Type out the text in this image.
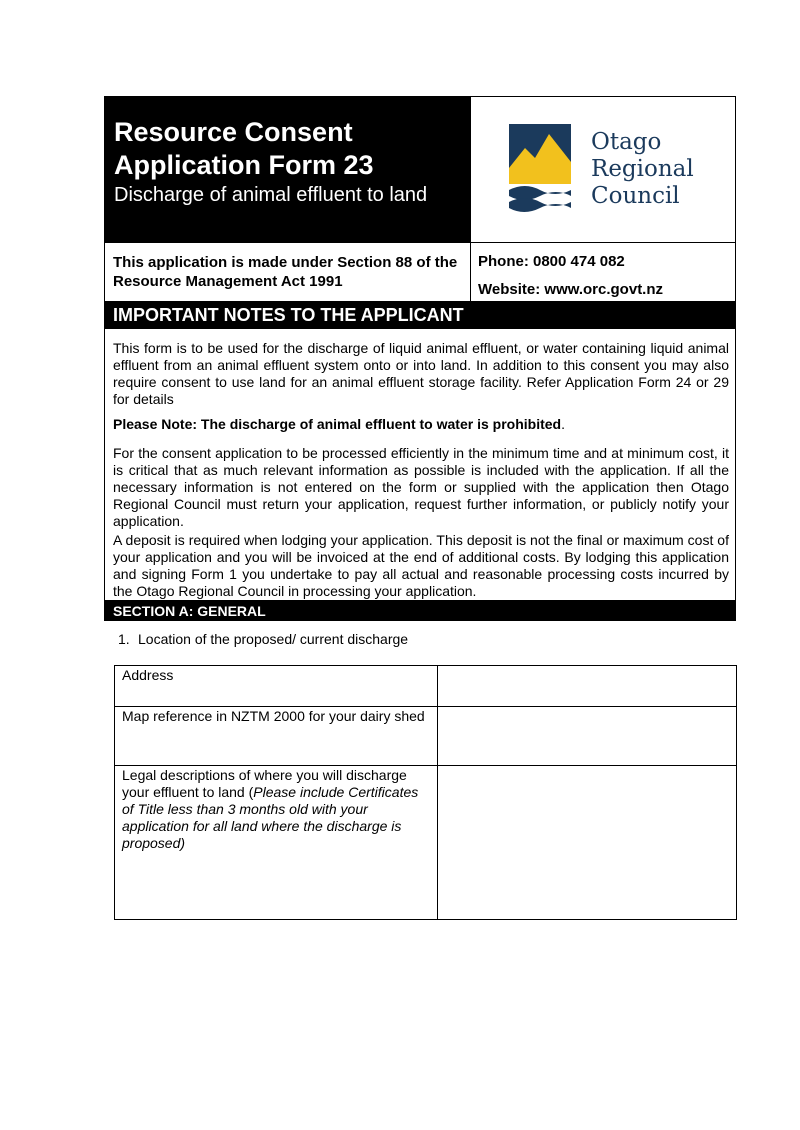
Resource Consent
Application Form 23
Discharge of animal effluent to land
Otago
Regional
Council
This application is made under Section 88 of the Resource Management Act 1991
Phone: 0800 474 082
Website: www.orc.govt.nz
IMPORTANT NOTES TO THE APPLICANT
This form is to be used for the discharge of liquid animal effluent, or water containing liquid animal effluent from an animal effluent system onto or into land. In addition to this consent you may also require consent to use land for an animal effluent storage facility. Refer Application Form 24 or 29 for details
Please Note: The discharge of animal effluent to water is prohibited.
For the consent application to be processed efficiently in the minimum time and at minimum cost, it is critical that as much relevant information as possible is included with the application. If all the necessary information is not entered on the form or supplied with the application then Otago Regional Council must return your application, request further information, or publicly notify your application.
A deposit is required when lodging your application. This deposit is not the final or maximum cost of your application and you will be invoiced at the end of additional costs. By lodging this application and signing Form 1 you undertake to pay all actual and reasonable processing costs incurred by the Otago Regional Council in processing your application.
SECTION A: GENERAL
1. Location of the proposed/ current discharge
Address	
Map reference in NZTM 2000 for your dairy shed	
Legal descriptions of where you will discharge your effluent to land (Please include Certificates of Title less than 3 months old with your application for all land where the discharge is proposed)	
